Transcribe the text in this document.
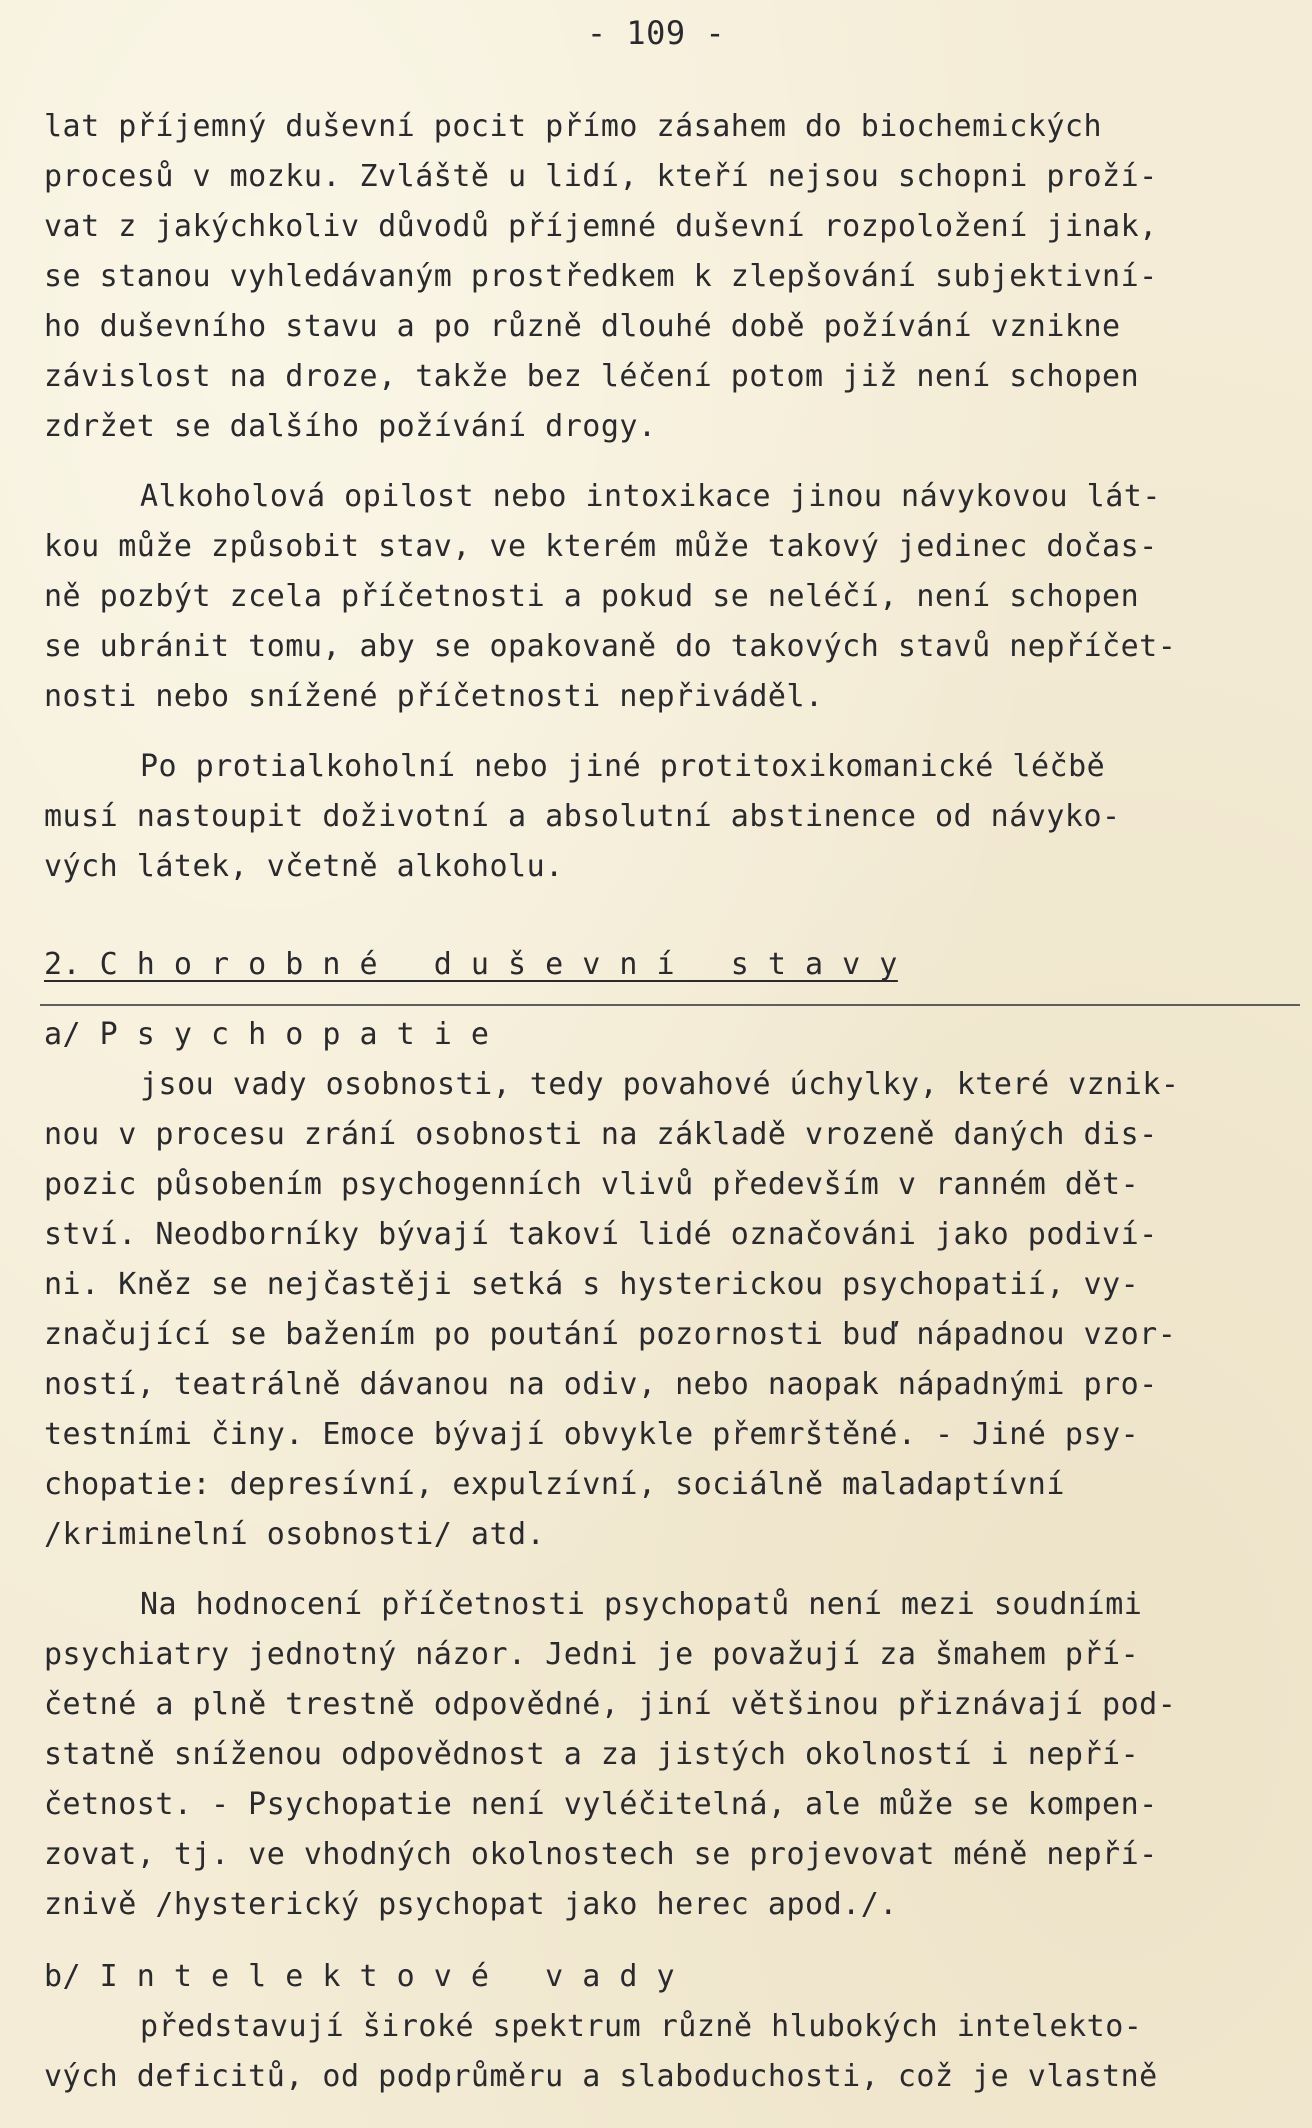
- 109 -
lat příjemný duševní pocit přímo zásahem do biochemických
procesů v mozku. Zvláště u lidí, kteří nejsou schopni proží-
vat z jakýchkoliv důvodů příjemné duševní rozpoložení jinak,
se stanou vyhledávaným prostředkem k zlepšování subjektivní-
ho duševního stavu a po různě dlouhé době požívání vznikne
závislost na droze, takže bez léčení potom již není schopen
zdržet se dalšího požívání drogy.
Alkoholová opilost nebo intoxikace jinou návykovou lát-
kou může způsobit stav, ve kterém může takový jedinec dočas-
ně pozbýt zcela příčetnosti a pokud se neléčí, není schopen
se ubránit tomu, aby se opakovaně do takových stavů nepříčet-
nosti nebo snížené příčetnosti nepřiváděl.
Po protialkoholní nebo jiné protitoxikomanické léčbě
musí nastoupit doživotní a absolutní abstinence od návyko-
vých látek, včetně alkoholu.
2. C h o r o b n é   d u š e v n í   s t a v y
a/ P s y c h o p a t i e
jsou vady osobnosti, tedy povahové úchylky, které vznik-
nou v procesu zrání osobnosti na základě vrozeně daných dis-
pozic působením psychogenních vlivů především v ranném dět-
ství. Neodborníky bývají takoví lidé označováni jako podiví-
ni. Kněz se nejčastěji setká s hysterickou psychopatií, vy-
značující se bažením po poutání pozornosti buď nápadnou vzor-
ností, teatrálně dávanou na odiv, nebo naopak nápadnými pro-
testními činy. Emoce bývají obvykle přemrštěné. - Jiné psy-
chopatie: depresívní, expulzívní, sociálně maladaptívní
/kriminelní osobnosti/ atd.
Na hodnocení příčetnosti psychopatů není mezi soudními
psychiatry jednotný názor. Jedni je považují za šmahem pří-
četné a plně trestně odpovědné, jiní většinou přiznávají pod-
statně sníženou odpovědnost a za jistých okolností i nepří-
četnost. - Psychopatie není vyléčitelná, ale může se kompen-
zovat, tj. ve vhodných okolnostech se projevovat méně nepří-
znivě /hysterický psychopat jako herec apod./.
b/ I n t e l e k t o v é   v a d y
představují široké spektrum různě hlubokých intelekto-
vých deficitů, od podprůměru a slaboduchosti, což je vlastně
